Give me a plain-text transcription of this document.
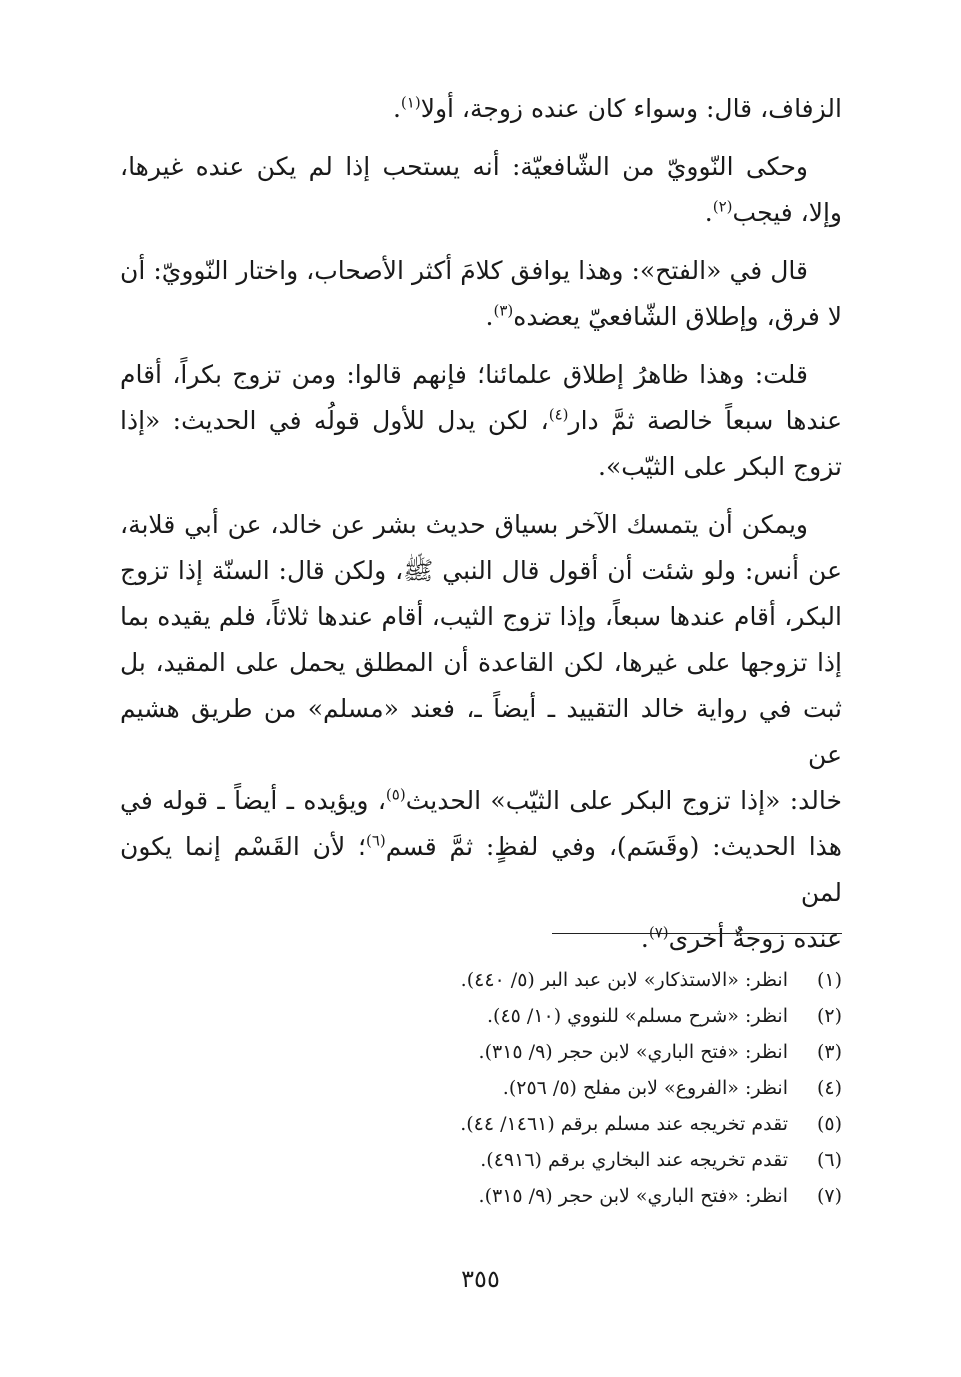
الزفاف، قال: وسواء كان عنده زوجة، أولا$^{(١)}$.

وحكى النّوويّ من الشّافعيّة: أنه يستحب إذا لم يكن عنده غيرها،
وإلا، فيجب$^{(٢)}$.

قال في «الفتح»: وهذا يوافق كلامَ أكثر الأصحاب، واختار النّوويّ: أن
لا فرق، وإطلاق الشّافعيّ يعضده$^{(٣)}$.

قلت: وهذا ظاهرُ إطلاق علمائنا؛ فإنهم قالوا: ومن تزوج بكراً، أقام
عندها سبعاً خالصة ثمَّ دار$^{(٤)}$، لكن يدل للأول قولُه في الحديث: «إذا
تزوج البكر على الثيّب».

ويمكن أن يتمسك الآخر بسياق حديث بشر عن خالد، عن أبي قلابة،
عن أنس: ولو شئت أن أقول قال النبي ﷺ، ولكن قال: السنّة إذا تزوج
البكر، أقام عندها سبعاً، وإذا تزوج الثيب، أقام عندها ثلاثاً، فلم يقيده بما
إذا تزوجها على غيرها، لكن القاعدة أن المطلق يحمل على المقيد، بل
ثبت في رواية خالد التقييد ـ أيضاً ـ، فعند «مسلم» من طريق هشيم عن
خالد: «إذا تزوج البكر على الثيّب» الحديث$^{(٥)}$، ويؤيده ـ أيضاً ـ قوله في
هذا الحديث: (وقَسَم)، وفي لفظٍ: ثمَّ قسم$^{(٦)}$؛ لأن القَسْم إنما يكون لمن
عنده زوجةٌ أخرى$^{(٧)}$.

(١)انظر: «الاستذكار» لابن عبد البر (٥/ ٤٤٠).
(٢)انظر: «شرح مسلم» للنووي (١٠/ ٤٥).
(٣)انظر: «فتح الباري» لابن حجر (٩/ ٣١٥).
(٤)انظر: «الفروع» لابن مفلح (٥/ ٢٥٦).
(٥)تقدم تخريجه عند مسلم برقم (١٤٦١/ ٤٤).
(٦)تقدم تخريجه عند البخاري برقم (٤٩١٦).
(٧)انظر: «فتح الباري» لابن حجر (٩/ ٣١٥).
٣٥٥
